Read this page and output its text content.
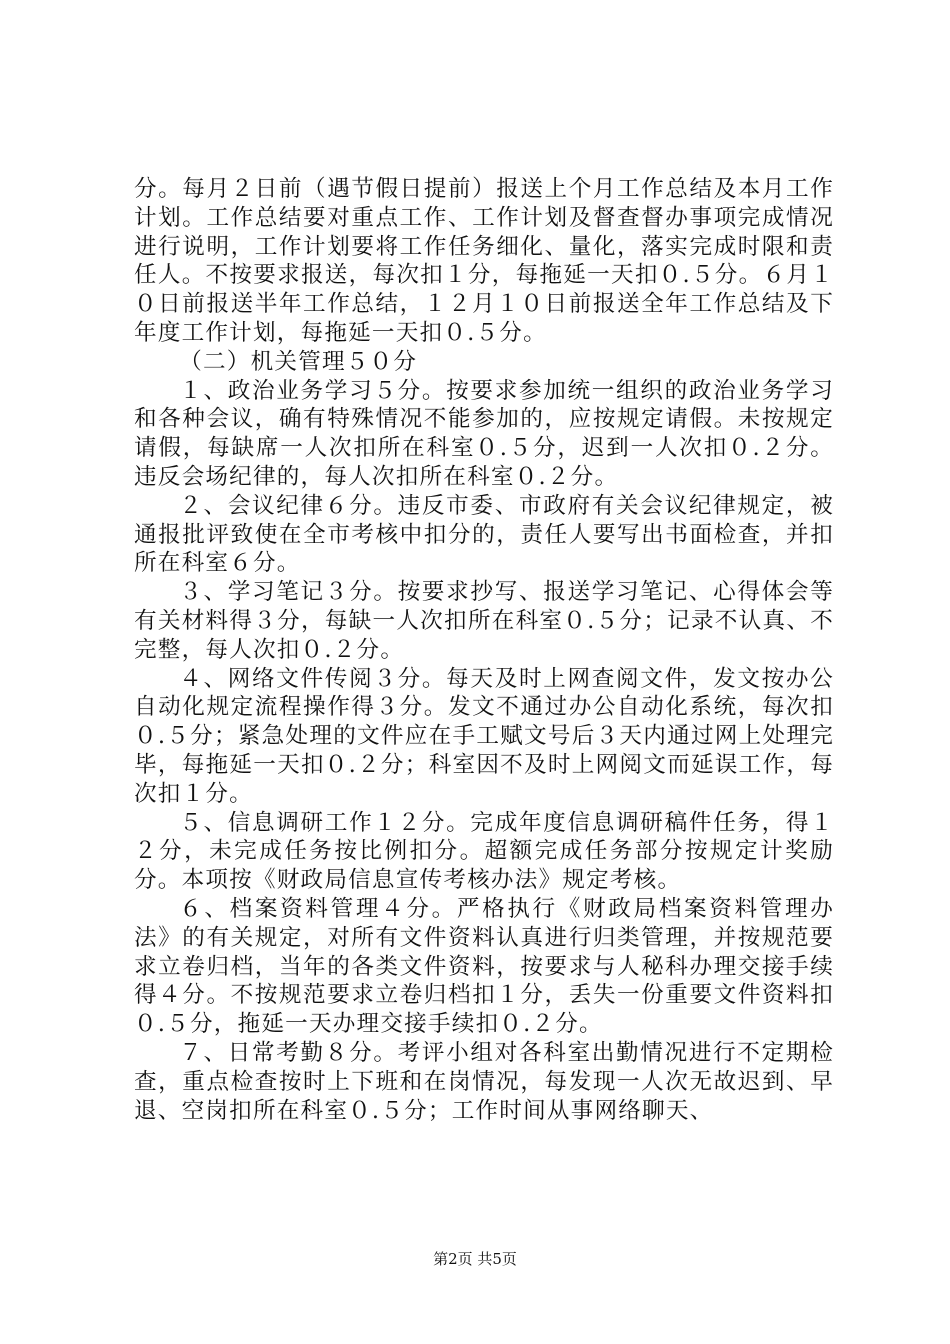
分。每月２日前（遇节假日提前）报送上个月工作总结及本月工作计划。工作总结要对重点工作、工作计划及督查督办事项完成情况进行说明，工作计划要将工作任务细化、量化，落实完成时限和责任人。不按要求报送，每次扣１分，每拖延一天扣０.５分。６月１０日前报送半年工作总结，１２月１０日前报送全年工作总结及下年度工作计划，每拖延一天扣０.５分。

（二）机关管理５０分

１、政治业务学习５分。按要求参加统一组织的政治业务学习和各种会议，确有特殊情况不能参加的，应按规定请假。未按规定请假，每缺席一人次扣所在科室０.５分，迟到一人次扣０.２分。违反会场纪律的，每人次扣所在科室０.２分。

２、会议纪律６分。违反市委、市政府有关会议纪律规定，被通报批评致使在全市考核中扣分的，责任人要写出书面检查，并扣所在科室６分。

３、学习笔记３分。按要求抄写、报送学习笔记、心得体会等有关材料得３分，每缺一人次扣所在科室０.５分；记录不认真、不完整，每人次扣０.２分。

４、网络文件传阅３分。每天及时上网查阅文件，发文按办公自动化规定流程操作得３分。发文不通过办公自动化系统，每次扣０.５分；紧急处理的文件应在手工赋文号后３天内通过网上处理完毕，每拖延一天扣０.２分；科室因不及时上网阅文而延误工作，每次扣１分。

５、信息调研工作１２分。完成年度信息调研稿件任务，得１２分，未完成任务按比例扣分。超额完成任务部分按规定计奖励分。本项按《财政局信息宣传考核办法》规定考核。

６、档案资料管理４分。严格执行《财政局档案资料管理办法》的有关规定，对所有文件资料认真进行归类管理，并按规范要求立卷归档，当年的各类文件资料，按要求与人秘科办理交接手续得４分。不按规范要求立卷归档扣１分，丢失一份重要文件资料扣０.５分，拖延一天办理交接手续扣０.２分。

７、日常考勤８分。考评小组对各科室出勤情况进行不定期检查，重点检查按时上下班和在岗情况，每发现一人次无故迟到、早退、空岗扣所在科室０.５分；工作时间从事网络聊天、

第2页 共5页
